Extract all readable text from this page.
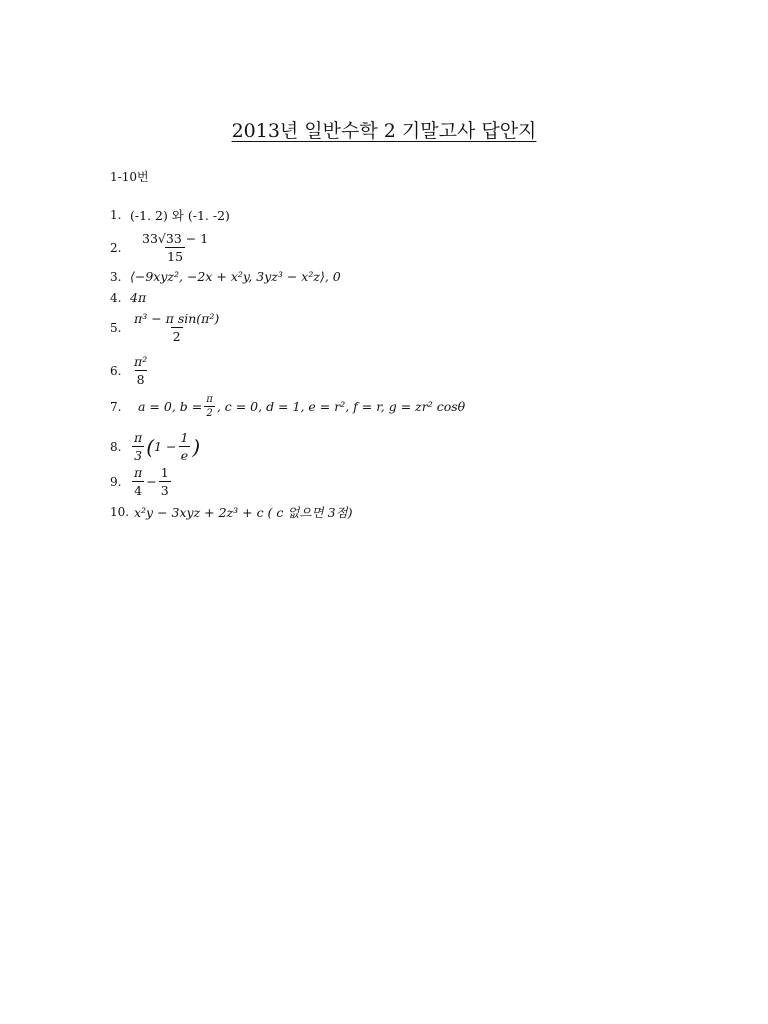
2013년 일반수학 2 기말고사 답안지
1-10번
1. (-1. 2) 와 (-1. -2)
2.	$\frac{33√33 - 1}{15}$
3. ⟨−9xyz², −2x + x²y, 3yz³ − x²z⟩, 0
4. 4π
5. $\frac{\text{π³ − π sin(π²)}}{2}$
6. $\frac{\text{π²}}{8}$
7.	a = 0, $b = \frac{\pi}{2}$ , c = 0, d = 1, e = r², f = r, g = zr² cosθ
8. $\frac{\pi}{3}$ ( $1 - \frac{1}{e}$ )
9. $\frac{\pi}{4} - \frac{1}{3}$
10. x²y − 3xyz + 2z³ + c ( c 없으면 3점)
